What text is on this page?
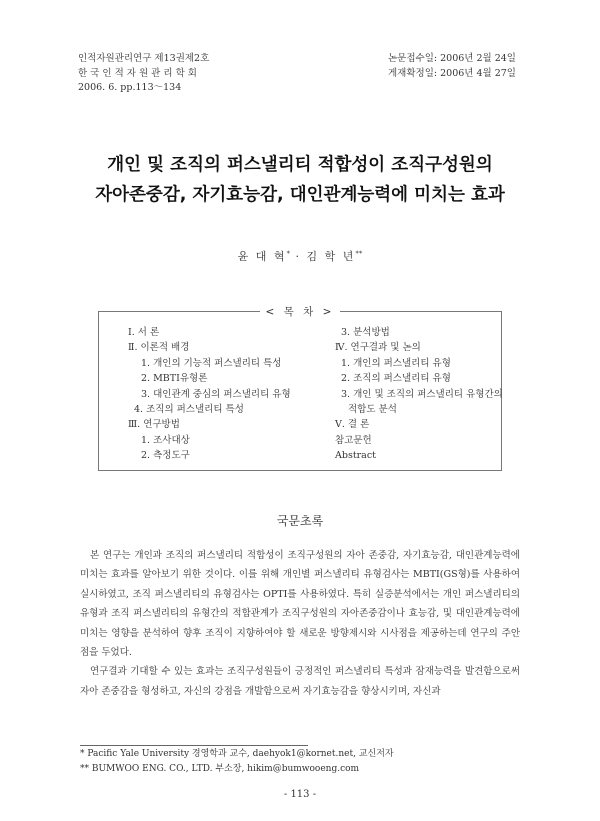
인적자원관리연구 제13권제2호
한 국 인 적 자 원 관 리 학 회
2006. 6. pp.113～134
논문접수일: 2006년 2월 24일
게재확정일: 2006년 4월 27일
개인 및 조직의 퍼스낼리티 적합성이 조직구성원의
자아존중감, 자기효능감, 대인관계능력에 미치는 효과
윤 대 혁* · 김 학 년**
< 목 차 >
Ⅰ. 서 론
Ⅱ. 이론적 배경
1. 개인의 기능적 퍼스낼리티 특성
2. MBTI유형론
3. 대인관계 중심의 퍼스낼리티 유형
4. 조직의 퍼스낼리티 특성
Ⅲ. 연구방법
1. 조사대상
2. 측정도구
3. 분석방법
Ⅳ. 연구결과 및 논의
1. 개인의 퍼스낼리티 유형
2. 조직의 퍼스낼리티 유형
3. 개인 및 조직의 퍼스낼리티 유형간의
적합도 분석
Ⅴ. 결 론
참고문헌
Abstract
국문초록

본 연구는 개인과 조직의 퍼스낼리티 적합성이 조직구성원의 자아 존중감, 자기효능감, 대인관계능력에 미치는 효과를 알아보기 위한 것이다. 이를 위해 개인별 퍼스낼리티 유형검사는 MBTI(GS형)를 사용하여 실시하였고, 조직 퍼스낼리티의 유형검사는 OPTI를 사용하였다. 특히 실증분석에서는 개인 퍼스낼리티의 유형과 조직 퍼스낼리티의 유형간의 적합관계가 조직구성원의 자아존중감이나 효능감, 및 대인관계능력에 미치는 영향을 분석하여 향후 조직이 지향하여야 할 새로운 방향제시와 시사점을 제공하는데 연구의 주안점을 두었다.

연구결과 기대할 수 있는 효과는 조직구성원들이 긍정적인 퍼스낼리티 특성과 잠재능력을 발견함으로써 자아 존중감을 형성하고, 자신의 강점을 개발함으로써 자기효능감을 향상시키며, 자신과

* Pacific Yale University 경영학과 교수, daehyok1@kornet.net, 교신저자
** BUMWOO ENG. CO., LTD. 부소장, hikim@bumwooeng.com
- 113 -
